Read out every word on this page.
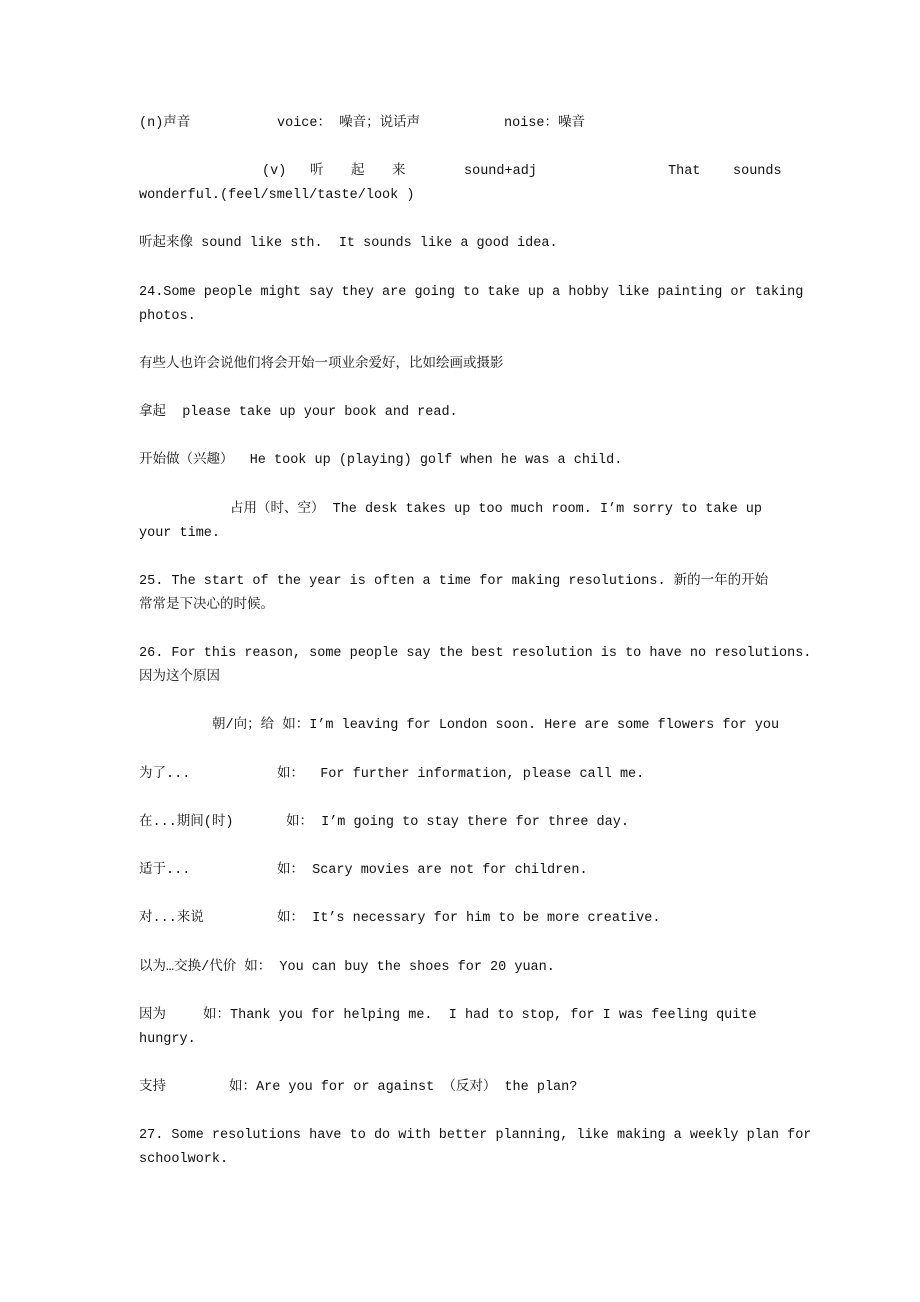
(n)声音	voice： 噪音；说话声	noise：噪音
(v) 听 起 来	sound+adj	That sounds
wonderful.(feel/smell/taste/look )
听起来像 sound like sth.  It sounds like a good idea.
24.Some people might say they are going to take up a hobby like painting or taking
photos.
有些人也许会说他们将会开始一项业余爱好，比如绘画或摄影
拿起  please take up your book and read.
开始做（兴趣）  He took up (playing) golf when he was a child.
占用（时、空） The desk takes up too much room. I’m sorry to take up
your time.
25. The start of the year is often a time for making resolutions. 新的一年的开始
常常是下决心的时候。
26. For this reason, some people say the best resolution is to have no resolutions.
因为这个原因
朝/向；给 如：I’m leaving for London soon. Here are some flowers for you
为了...	如：  For further information, please call me.
在...期间(时)	如： I’m going to stay there for three day.
适于...	如： Scary movies are not for children.
对...来说	如： It’s necessary for him to be more creative.
以为…交换/代价 如： You can buy the shoes for 20 yuan.
因为	如：Thank you for helping me.  I had to stop, for I was feeling quite
hungry.
支持	如：Are you for or against （反对） the plan?
27. Some resolutions have to do with better planning, like making a weekly plan for
schoolwork.
